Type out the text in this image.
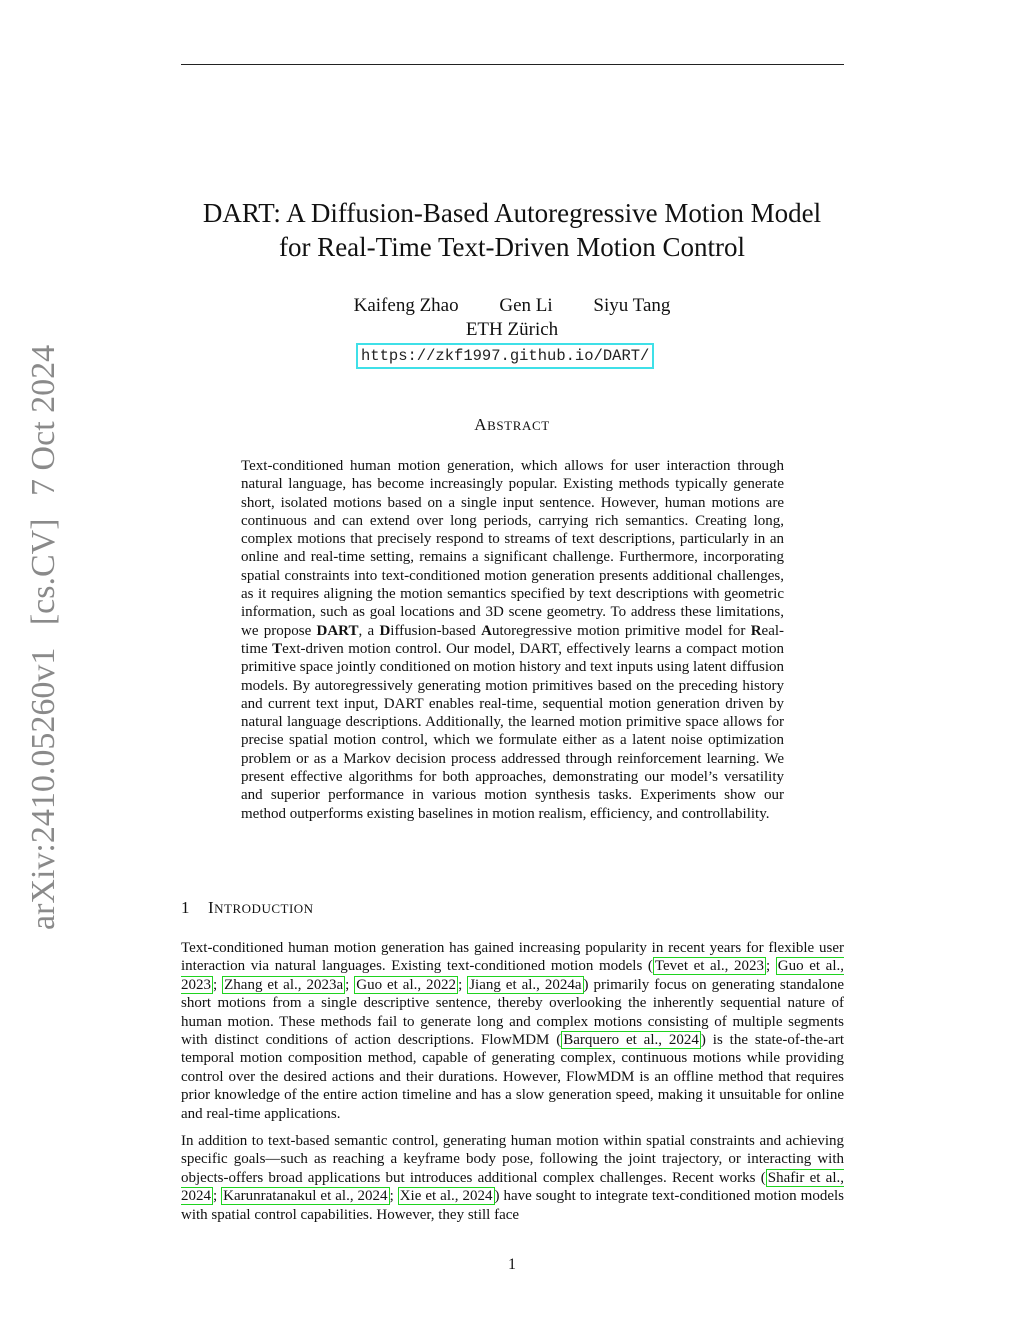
arXiv:2410.05260v1 [cs.CV] 7 Oct 2024
DART: A Diffusion-Based Autoregressive Motion Model
for Real-Time Text-Driven Motion Control
Kaifeng Zhao Gen Li Siyu Tang
ETH Zürich
https://zkf1997.github.io/DART/
ABSTRACT
Text-conditioned human motion generation, which allows for user interaction through natural language, has become increasingly popular. Existing methods typically generate short, isolated motions based on a single input sentence. However, human motions are continuous and can extend over long periods, carrying rich semantics. Creating long, complex motions that precisely respond to streams of text descriptions, particularly in an online and real-time setting, remains a significant challenge. Furthermore, incorporating spatial constraints into text-conditioned motion generation presents additional challenges, as it requires aligning the motion semantics specified by text descriptions with geometric information, such as goal locations and 3D scene geometry. To address these limitations, we propose DART, a Diffusion-based Autoregressive motion primitive model for Real-time Text-driven motion control. Our model, DART, effectively learns a compact motion primitive space jointly conditioned on motion history and text inputs using latent diffusion models. By autoregressively generating motion primitives based on the preceding history and current text input, DART enables real-time, sequential motion generation driven by natural language descriptions. Additionally, the learned motion primitive space allows for precise spatial motion control, which we formulate either as a latent noise optimization problem or as a Markov decision process addressed through reinforcement learning. We present effective algorithms for both approaches, demonstrating our model’s versatility and superior performance in various motion synthesis tasks. Experiments show our method outperforms existing baselines in motion realism, efficiency, and controllability.
1 INTRODUCTION
Text-conditioned human motion generation has gained increasing popularity in recent years for flexible user interaction via natural languages. Existing text-conditioned motion models ( Tevet et al., 2023 ; Guo et al., 2023 ; Zhang et al., 2023a ; Guo et al., 2022 ; Jiang et al., 2024a ) primarily focus on generating standalone short motions from a single descriptive sentence, thereby overlooking the inherently sequential nature of human motion. These methods fail to generate long and complex motions consisting of multiple segments with distinct conditions of action descriptions. FlowMDM ( Barquero et al., 2024 ) is the state-of-the-art temporal motion composition method, capable of generating complex, continuous motions while providing control over the desired actions and their durations. However, FlowMDM is an offline method that requires prior knowledge of the entire action timeline and has a slow generation speed, making it unsuitable for online and real-time applications.
In addition to text-based semantic control, generating human motion within spatial constraints and achieving specific goals—such as reaching a keyframe body pose, following the joint trajectory, or interacting with objects-offers broad applications but introduces additional complex challenges. Recent works ( Shafir et al., 2024 ; Karunratanakul et al., 2024 ; Xie et al., 2024 ) have sought to integrate text-conditioned motion models with spatial control capabilities. However, they still face
1
